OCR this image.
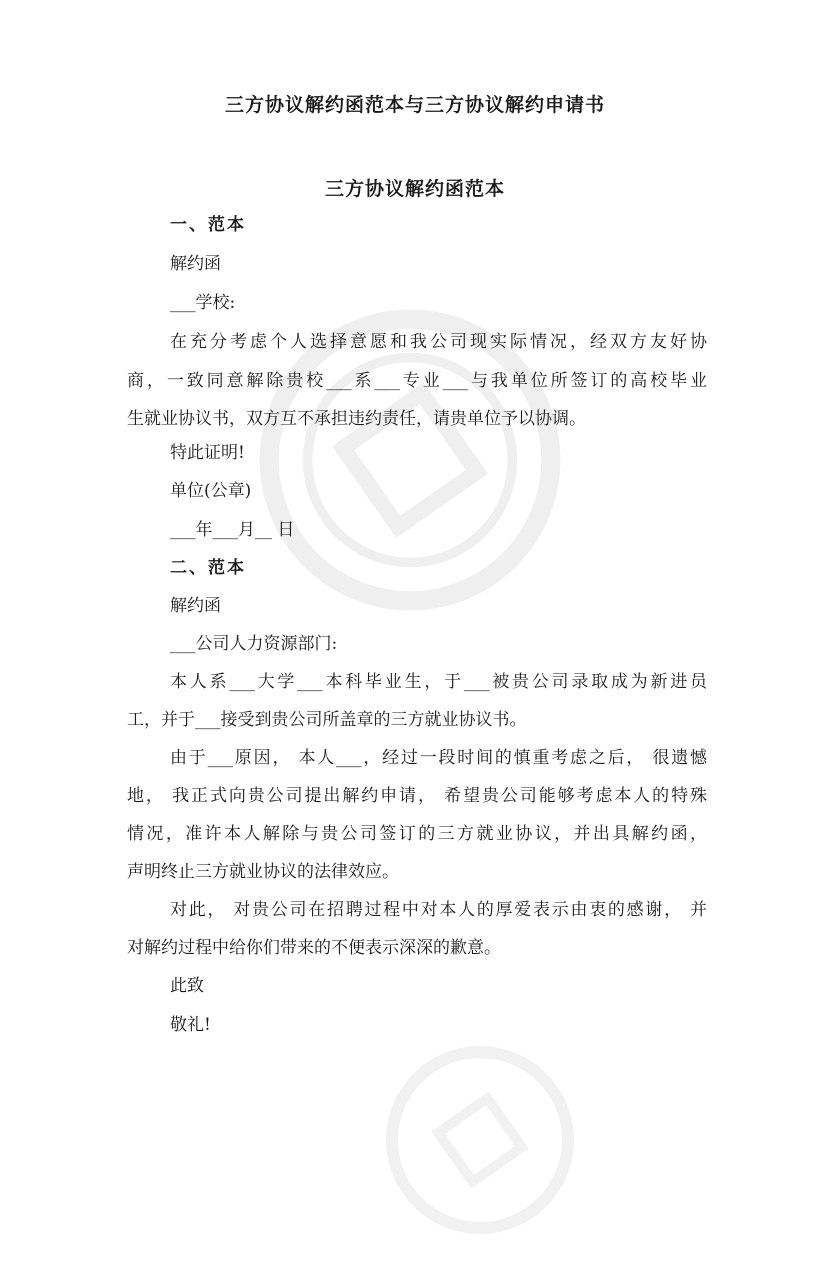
三方协议解约函范本与三方协议解约申请书
三方协议解约函范本
一、范本
解约函
___学校:
在充分考虑个人选择意愿和我公司现实际情况，经双方友好协
商，一致同意解除贵校___系___专业___与我单位所签订的高校毕业
生就业协议书，双方互不承担违约责任，请贵单位予以协调。
特此证明!
单位(公章)
___年___月__ 日
二、范本
解约函
___公司人力资源部门:
本人系___大学___本科毕业生，于___被贵公司录取成为新进员
工，并于___接受到贵公司所盖章的三方就业协议书。
由于___原因， 本人___，经过一段时间的慎重考虑之后， 很遗憾
地， 我正式向贵公司提出解约申请， 希望贵公司能够考虑本人的特殊
情况，准许本人解除与贵公司签订的三方就业协议，并出具解约函，
声明终止三方就业协议的法律效应。
对此， 对贵公司在招聘过程中对本人的厚爱表示由衷的感谢， 并
对解约过程中给你们带来的不便表示深深的歉意。
此致
敬礼!
